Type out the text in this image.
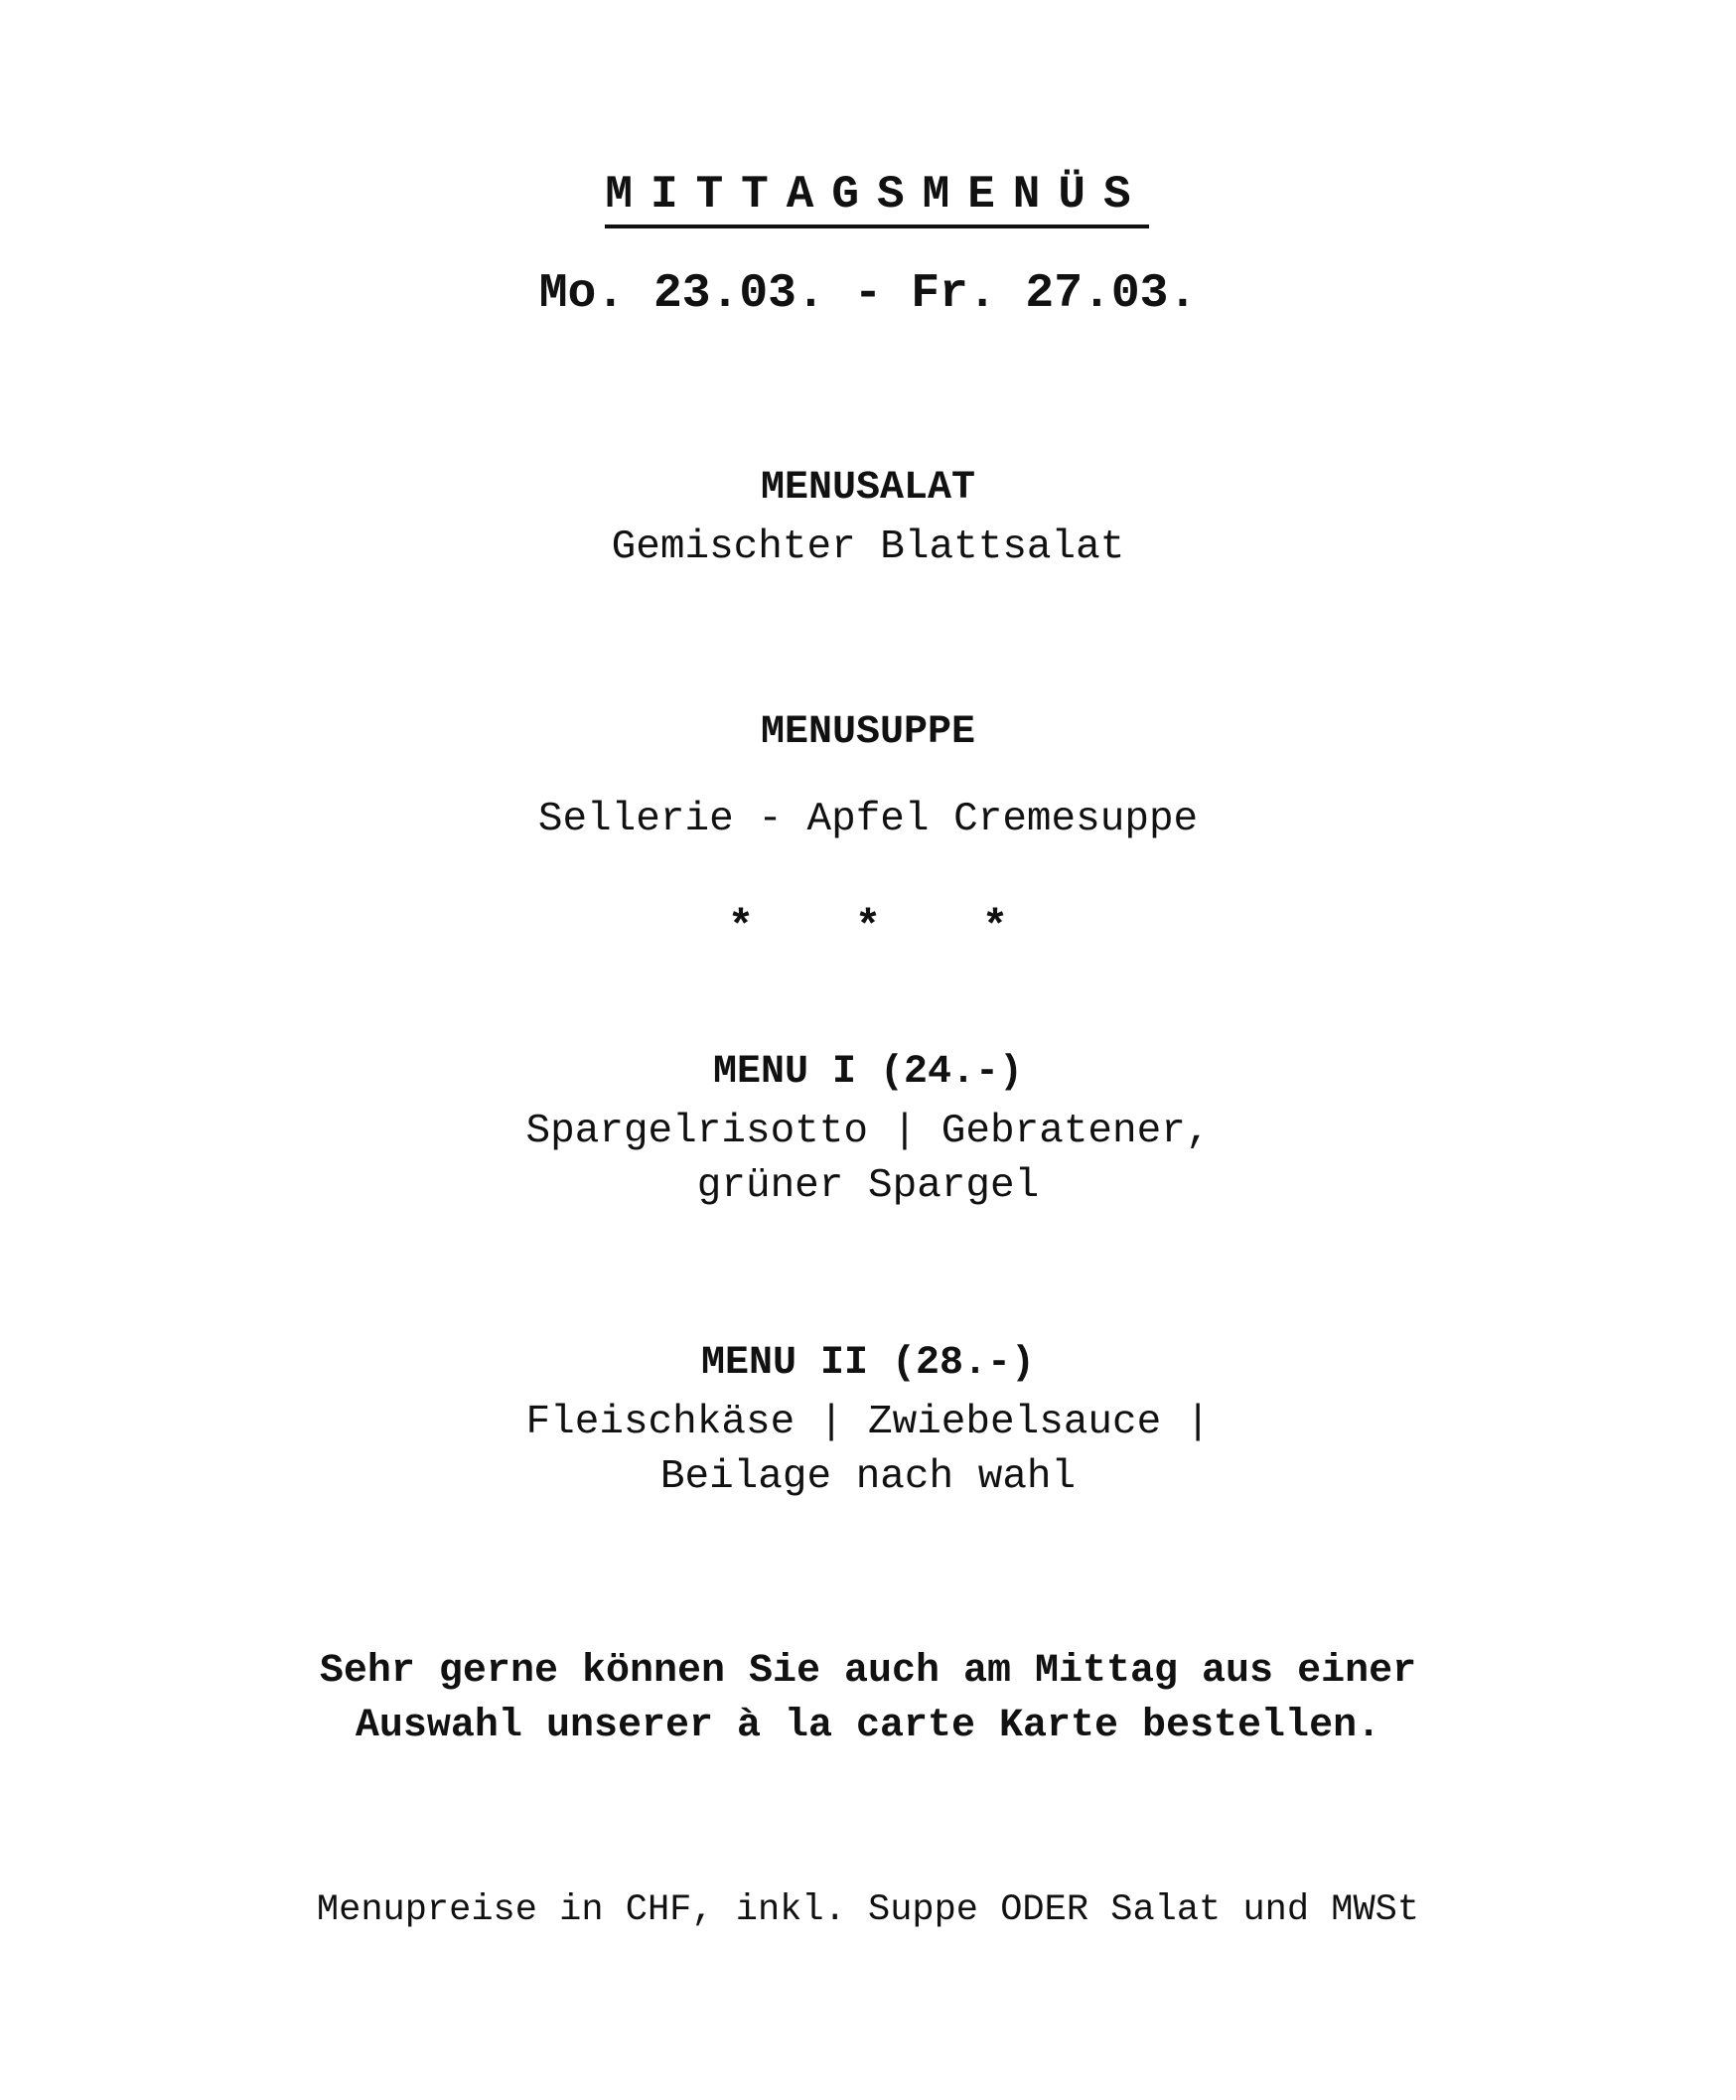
MITTAGSMENÜS
Mo. 23.03. - Fr. 27.03.
MENUSALAT
Gemischter Blattsalat
MENUSUPPE
Sellerie - Apfel Cremesuppe
* * *
MENU I (24.-)
Spargelrisotto | Gebratener,
grüner Spargel
MENU II (28.-)
Fleischkäse | Zwiebelsauce |
Beilage nach wahl
Sehr gerne können Sie auch am Mittag aus einer
Auswahl unserer à la carte Karte bestellen.
Menupreise in CHF, inkl. Suppe ODER Salat und MWSt
